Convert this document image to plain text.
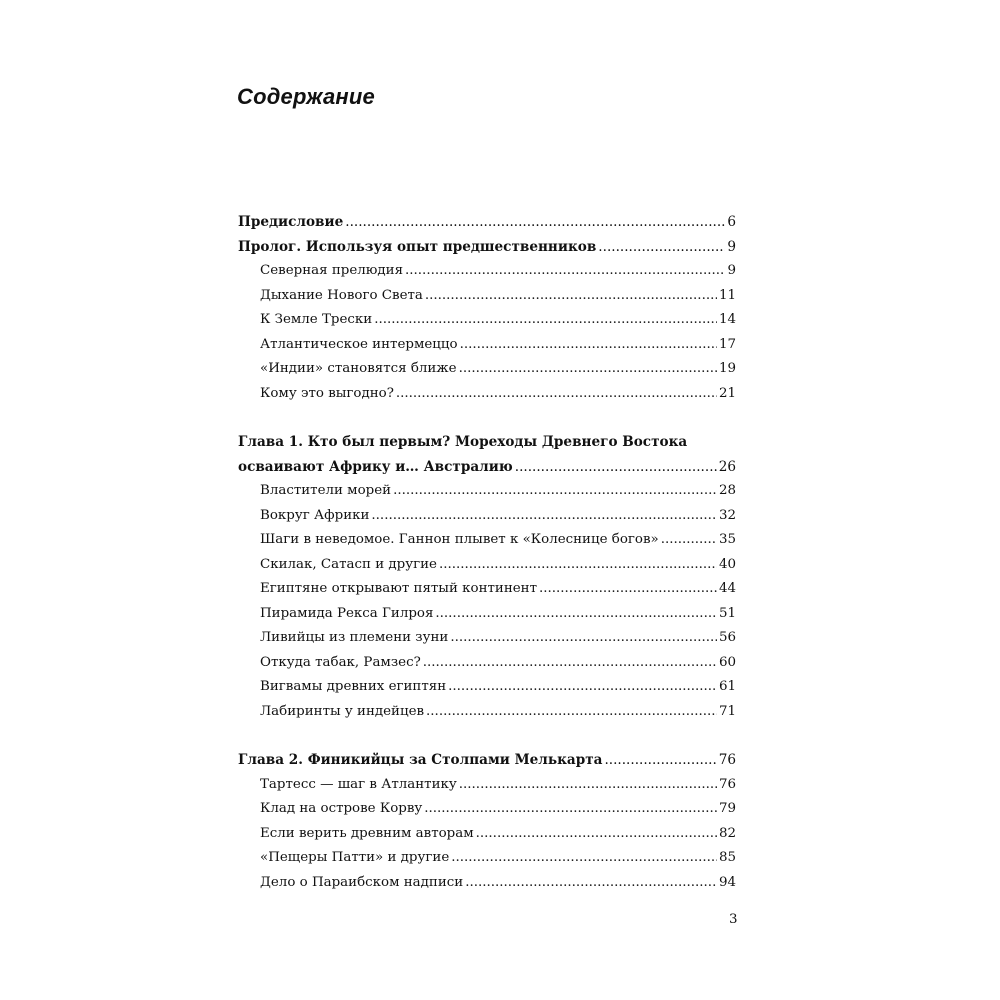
Содержание
Предисловие .....	6
Пролог. Используя опыт предшественников .....	9
Северная прелюдия .....	9
Дыхание Нового Света .....	11
К Земле Трески .....	14
Атлантическое интермеццо .....	17
«Индии» становятся ближе .....	19
Кому это выгодно? .....	21
Глава 1. Кто был первым? Мореходы Древнего Востока
осваивают Африку и… Австралию .....	26
Властители морей .....	28
Вокруг Африки .....	32
Шаги в неведомое. Ганнон плывет к «Колеснице богов» .....	35
Скилак, Сатасп и другие .....	40
Египтяне открывают пятый континент .....	44
Пирамида Рекса Гилроя .....	51
Ливийцы из племени зуни .....	56
Откуда табак, Рамзес? .....	60
Вигвамы древних египтян .....	61
Лабиринты у индейцев .....	71
Глава 2. Финикийцы за Столпами Мелькарта .....	76
Тартесс — шаг в Атлантику .....	76
Клад на острове Корву .....	79
Если верить древним авторам .....	82
«Пещеры Патти» и другие .....	85
Дело о Параибском надписи .....	94
3
